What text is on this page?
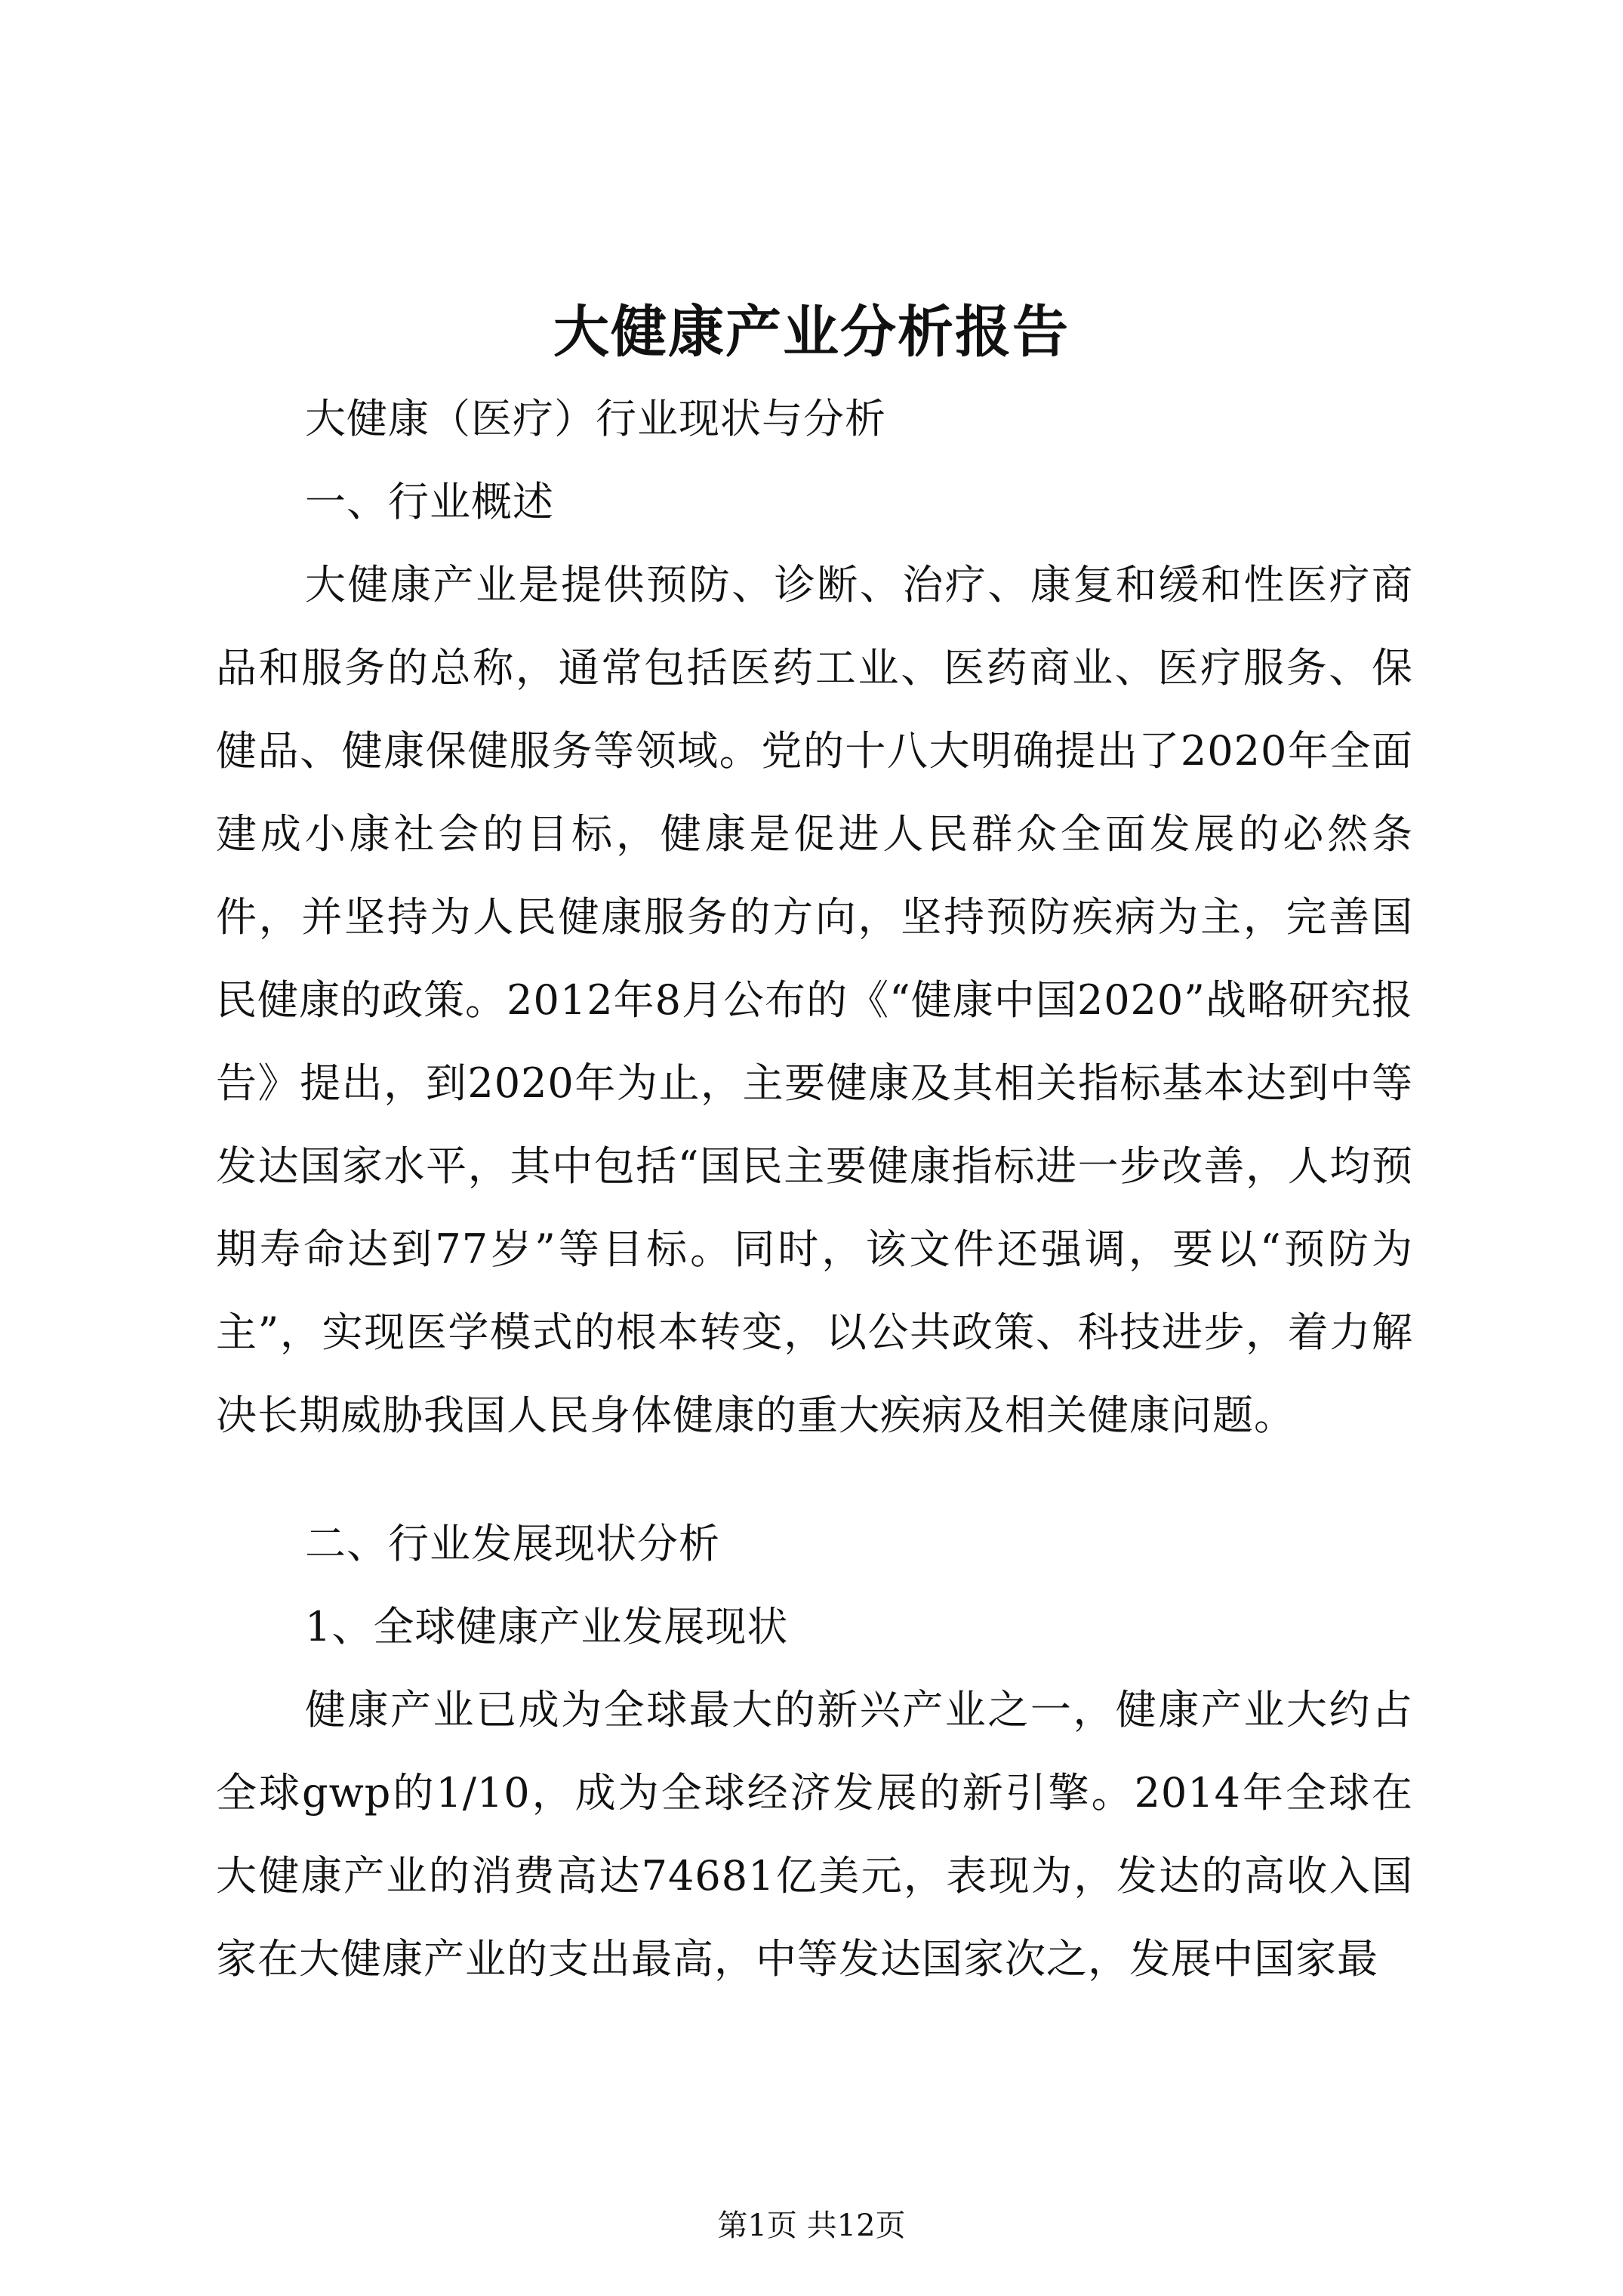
大健康产业分析报告
大健康（医疗）行业现状与分析
一、行业概述
大健康产业是提供预防、诊断、治疗、康复和缓和性医疗商品和服务的总称，通常包括医药工业、医药商业、医疗服务、保健品、健康保健服务等领域。党的十八大明确提出了2020年全面建成小康社会的目标，健康是促进人民群众全面发展的必然条件，并坚持为人民健康服务的方向，坚持预防疾病为主，完善国民健康的政策。2012年8月公布的《“健康中国2020”战略研究报告》提出，到2020年为止，主要健康及其相关指标基本达到中等发达国家水平，其中包括“国民主要健康指标进一步改善，人均预期寿命达到77岁”等目标。同时，该文件还强调，要以“预防为主”，实现医学模式的根本转变，以公共政策、科技进步，着力解决长期威胁我国人民身体健康的重大疾病及相关健康问题。
二、行业发展现状分析
1、全球健康产业发展现状
健康产业已成为全球最大的新兴产业之一，健康产业大约占全球gwp的1/10，成为全球经济发展的新引擎。2014年全球在大健康产业的消费高达74681亿美元，表现为，发达的高收入国家在大健康产业的支出最高，中等发达国家次之，发展中国家最
第1页 共12页
